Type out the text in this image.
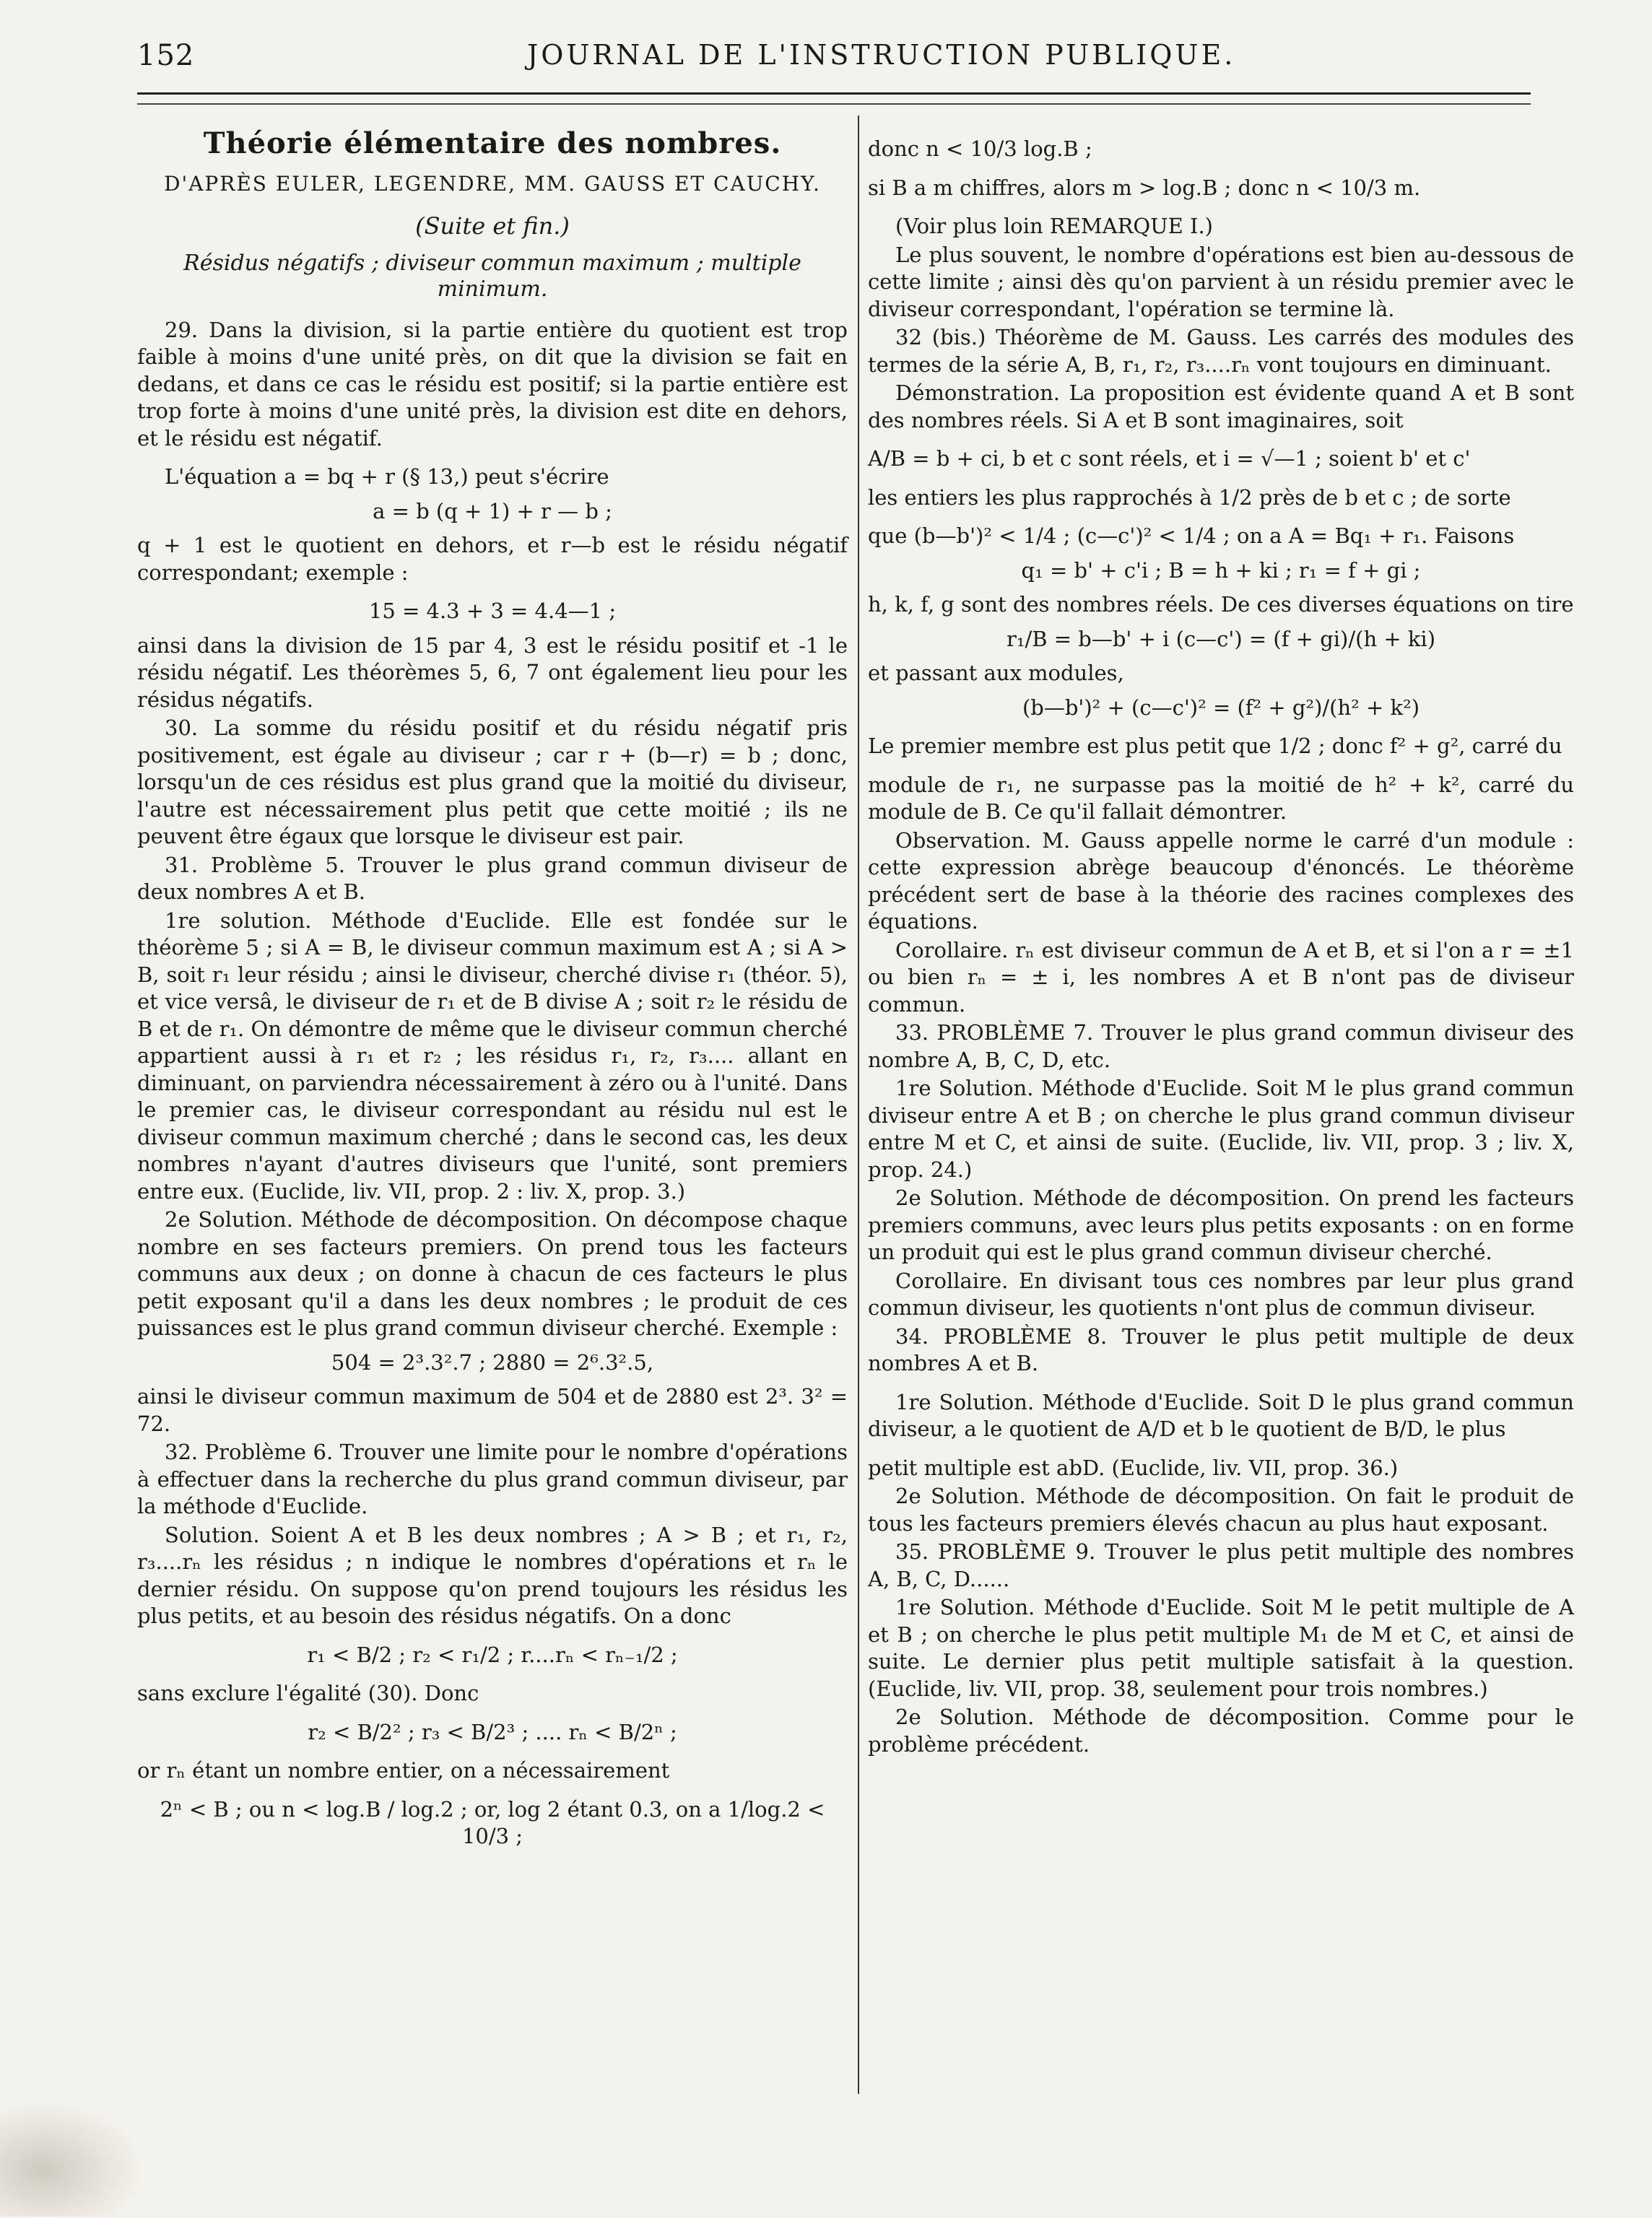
152	JOURNAL DE L'INSTRUCTION PUBLIQUE.
Théorie élémentaire des nombres.
D'APRÈS EULER, LEGENDRE, MM. GAUSS ET CAUCHY.
(Suite et fin.)
Résidus négatifs ; diviseur commun maximum ; multiple minimum.

29. Dans la division, si la partie entière du quotient est trop faible à moins d'une unité près, on dit que la division se fait en dedans, et dans ce cas le résidu est positif; si la partie entière est trop forte à moins d'une unité près, la division est dite en dehors, et le résidu est négatif.

L'équation a = bq + r (§ 13,) peut s'écrire

a = b (q + 1) + r — b ;

q + 1 est le quotient en dehors, et r—b est le résidu négatif correspondant; exemple :

15 = 4.3 + 3 = 4.4—1 ;

ainsi dans la division de 15 par 4, 3 est le résidu positif et -1 le résidu négatif. Les théorèmes 5, 6, 7 ont également lieu pour les résidus négatifs.

30. La somme du résidu positif et du résidu négatif pris positivement, est égale au diviseur ; car r + (b—r) = b ; donc, lorsqu'un de ces résidus est plus grand que la moitié du diviseur, l'autre est nécessairement plus petit que cette moitié ; ils ne peuvent être égaux que lorsque le diviseur est pair.

31. Problème 5. Trouver le plus grand commun diviseur de deux nombres A et B.

1re solution. Méthode d'Euclide. Elle est fondée sur le théorème 5 ; si A = B, le diviseur commun maximum est A ; si A > B, soit r₁ leur résidu ; ainsi le diviseur, cherché divise r₁ (théor. 5), et vice versâ, le diviseur de r₁ et de B divise A ; soit r₂ le résidu de B et de r₁. On démontre de même que le diviseur commun cherché appartient aussi à r₁ et r₂ ; les résidus r₁, r₂, r₃.... allant en diminuant, on parviendra nécessairement à zéro ou à l'unité. Dans le premier cas, le diviseur correspondant au résidu nul est le diviseur commun maximum cherché ; dans le second cas, les deux nombres n'ayant d'autres diviseurs que l'unité, sont premiers entre eux. (Euclide, liv. VII, prop. 2 : liv. X, prop. 3.)

2e Solution. Méthode de décomposition. On décompose chaque nombre en ses facteurs premiers. On prend tous les facteurs communs aux deux ; on donne à chacun de ces facteurs le plus petit exposant qu'il a dans les deux nombres ; le produit de ces puissances est le plus grand commun diviseur cherché. Exemple :

504 = 2³.3².7 ; 2880 = 2⁶.3².5,

ainsi le diviseur commun maximum de 504 et de 2880 est 2³. 3² = 72.

32. Problème 6. Trouver une limite pour le nombre d'opérations à effectuer dans la recherche du plus grand commun diviseur, par la méthode d'Euclide.

Solution. Soient A et B les deux nombres ; A > B ; et r₁, r₂, r₃....rₙ les résidus ; n indique le nombres d'opérations et rₙ le dernier résidu. On suppose qu'on prend toujours les résidus les plus petits, et au besoin des résidus négatifs. On a donc

r₁ < B/2 ; r₂ < r₁/2 ; r....rₙ < rₙ₋₁/2 ;

sans exclure l'égalité (30). Donc

r₂ < B/2² ; r₃ < B/2³ ; .... rₙ < B/2ⁿ ;

or rₙ étant un nombre entier, on a nécessairement

2ⁿ < B ; ou n < log.B / log.2 ; or, log 2 étant 0.3, on a 1/log.2 < 10/3 ;

donc n < 10/3 log.B ;

si B a m chiffres, alors m > log.B ; donc n < 10/3 m.

(Voir plus loin REMARQUE I.)

Le plus souvent, le nombre d'opérations est bien au-dessous de cette limite ; ainsi dès qu'on parvient à un résidu premier avec le diviseur correspondant, l'opération se termine là.

32 (bis.) Théorème de M. Gauss. Les carrés des modules des termes de la série A, B, r₁, r₂, r₃....rₙ vont toujours en diminuant.

Démonstration. La proposition est évidente quand A et B sont des nombres réels. Si A et B sont imaginaires, soit

A/B = b + ci, b et c sont réels, et i = √—1 ; soient b' et c'

les entiers les plus rapprochés à 1/2 près de b et c ; de sorte

que (b—b')² < 1/4 ; (c—c')² < 1/4 ; on a A = Bq₁ + r₁. Faisons

q₁ = b' + c'i ; B = h + ki ; r₁ = f + gi ;

h, k, f, g sont des nombres réels. De ces diverses équations on tire

r₁/B = b—b' + i (c—c') = (f + gi)/(h + ki)

et passant aux modules,

(b—b')² + (c—c')² = (f² + g²)/(h² + k²)

Le premier membre est plus petit que 1/2 ; donc f² + g², carré du

module de r₁, ne surpasse pas la moitié de h² + k², carré du module de B. Ce qu'il fallait démontrer.

Observation. M. Gauss appelle norme le carré d'un module : cette expression abrège beaucoup d'énoncés. Le théorème précédent sert de base à la théorie des racines complexes des équations.

Corollaire. rₙ est diviseur commun de A et B, et si l'on a r = ±1 ou bien rₙ = ± i, les nombres A et B n'ont pas de diviseur commun.

33. PROBLÈME 7. Trouver le plus grand commun diviseur des nombre A, B, C, D, etc.

1re Solution. Méthode d'Euclide. Soit M le plus grand commun diviseur entre A et B ; on cherche le plus grand commun diviseur entre M et C, et ainsi de suite. (Euclide, liv. VII, prop. 3 ; liv. X, prop. 24.)

2e Solution. Méthode de décomposition. On prend les facteurs premiers communs, avec leurs plus petits exposants : on en forme un produit qui est le plus grand commun diviseur cherché.

Corollaire. En divisant tous ces nombres par leur plus grand commun diviseur, les quotients n'ont plus de commun diviseur.

34. PROBLÈME 8. Trouver le plus petit multiple de deux nombres A et B.

1re Solution. Méthode d'Euclide. Soit D le plus grand commun diviseur, a le quotient de A/D et b le quotient de B/D, le plus

petit multiple est abD. (Euclide, liv. VII, prop. 36.)

2e Solution. Méthode de décomposition. On fait le produit de tous les facteurs premiers élevés chacun au plus haut exposant.

35. PROBLÈME 9. Trouver le plus petit multiple des nombres A, B, C, D......

1re Solution. Méthode d'Euclide. Soit M le petit multiple de A et B ; on cherche le plus petit multiple M₁ de M et C, et ainsi de suite. Le dernier plus petit multiple satisfait à la question. (Euclide, liv. VII, prop. 38, seulement pour trois nombres.)

2e Solution. Méthode de décomposition. Comme pour le problème précédent.
